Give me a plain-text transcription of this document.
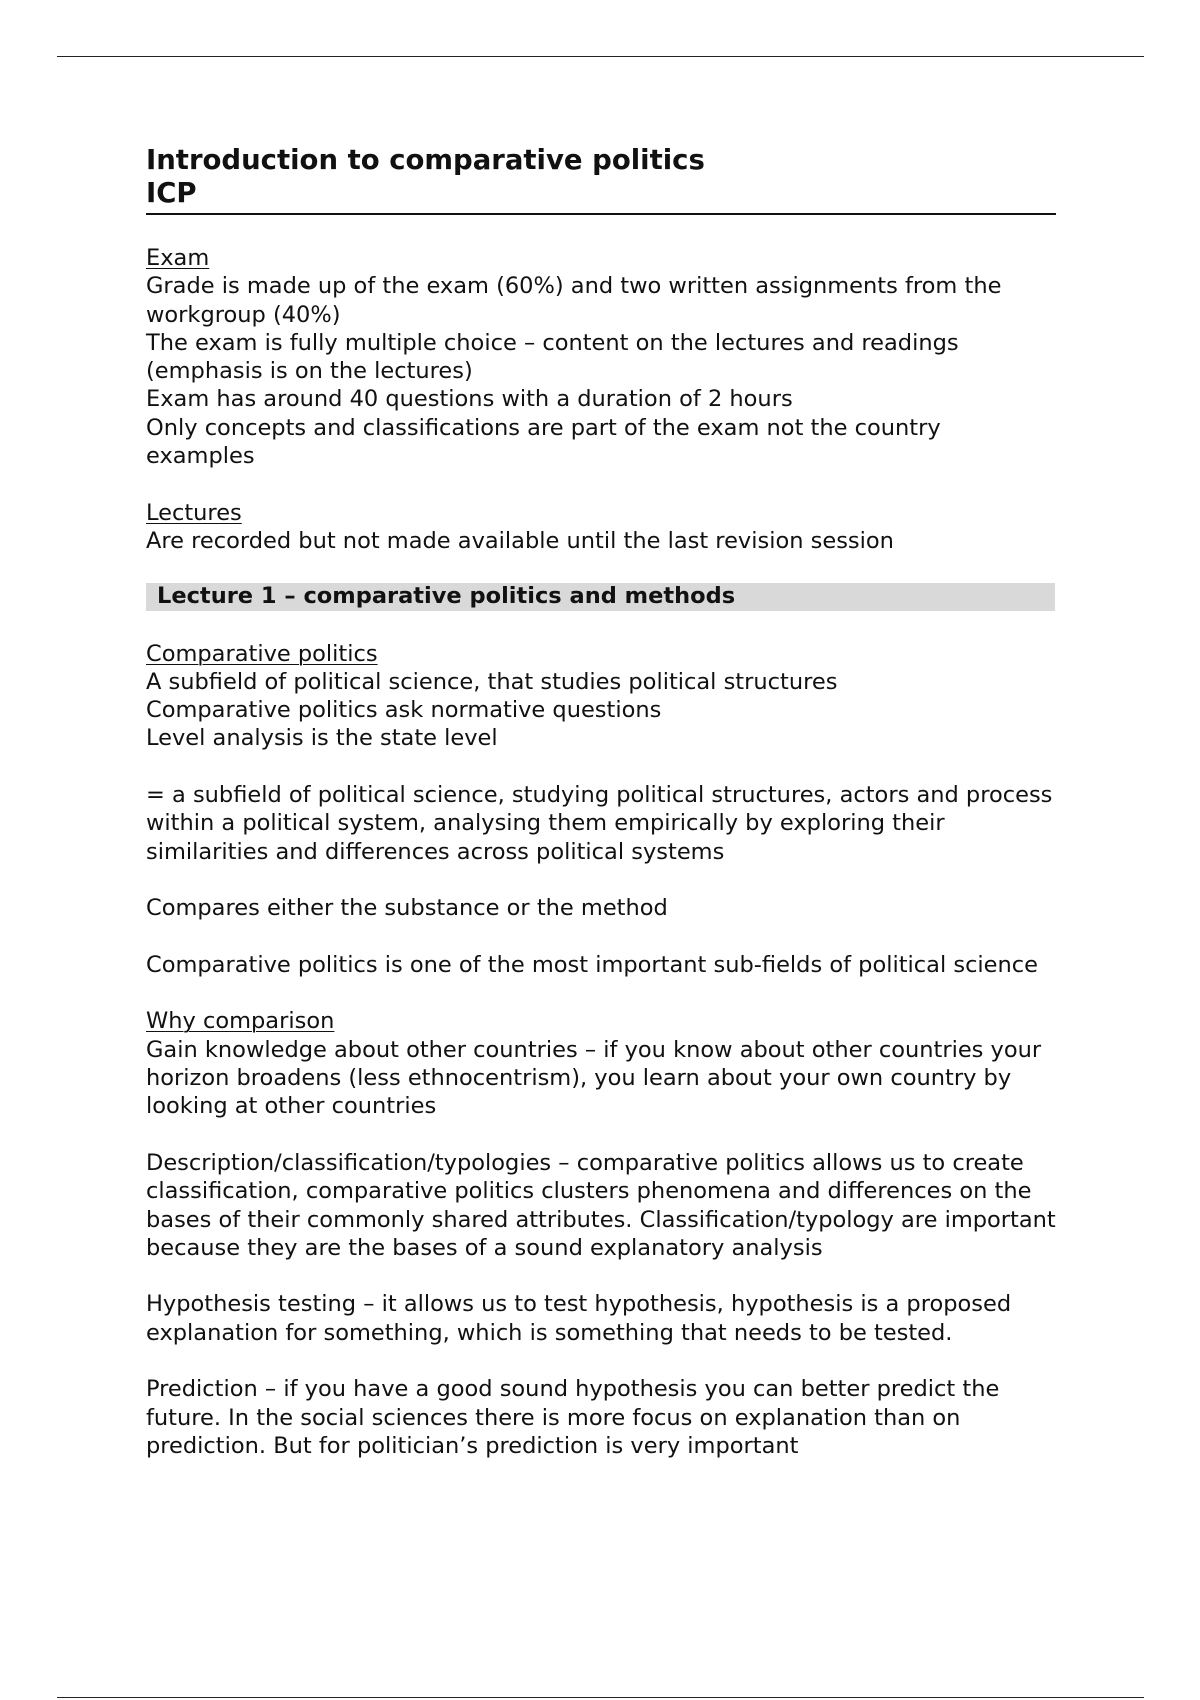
Introduction to comparative politics
ICP

Exam

Grade is made up of the exam (60%) and two written assignments from the workgroup (40%)

The exam is fully multiple choice – content on the lectures and readings (emphasis is on the lectures)

Exam has around 40 questions with a duration of 2 hours

Only concepts and classifications are part of the exam not the country examples

Lectures

Are recorded but not made available until the last revision session

Lecture 1 – comparative politics and methods

Comparative politics

A subfield of political science, that studies political structures

Comparative politics ask normative questions

Level analysis is the state level

= a subfield of political science, studying political structures, actors and process within a political system, analysing them empirically by exploring their similarities and differences across political systems

Compares either the substance or the method

Comparative politics is one of the most important sub-fields of political science

Why comparison

Gain knowledge about other countries – if you know about other countries your horizon broadens (less ethnocentrism), you learn about your own country by looking at other countries

Description/classification/typologies – comparative politics allows us to create classification, comparative politics clusters phenomena and differences on the bases of their commonly shared attributes. Classification/typology are important because they are the bases of a sound explanatory analysis

Hypothesis testing – it allows us to test hypothesis, hypothesis is a proposed explanation for something, which is something that needs to be tested.

Prediction – if you have a good sound hypothesis you can better predict the future. In the social sciences there is more focus on explanation than on prediction. But for politician’s prediction is very important
